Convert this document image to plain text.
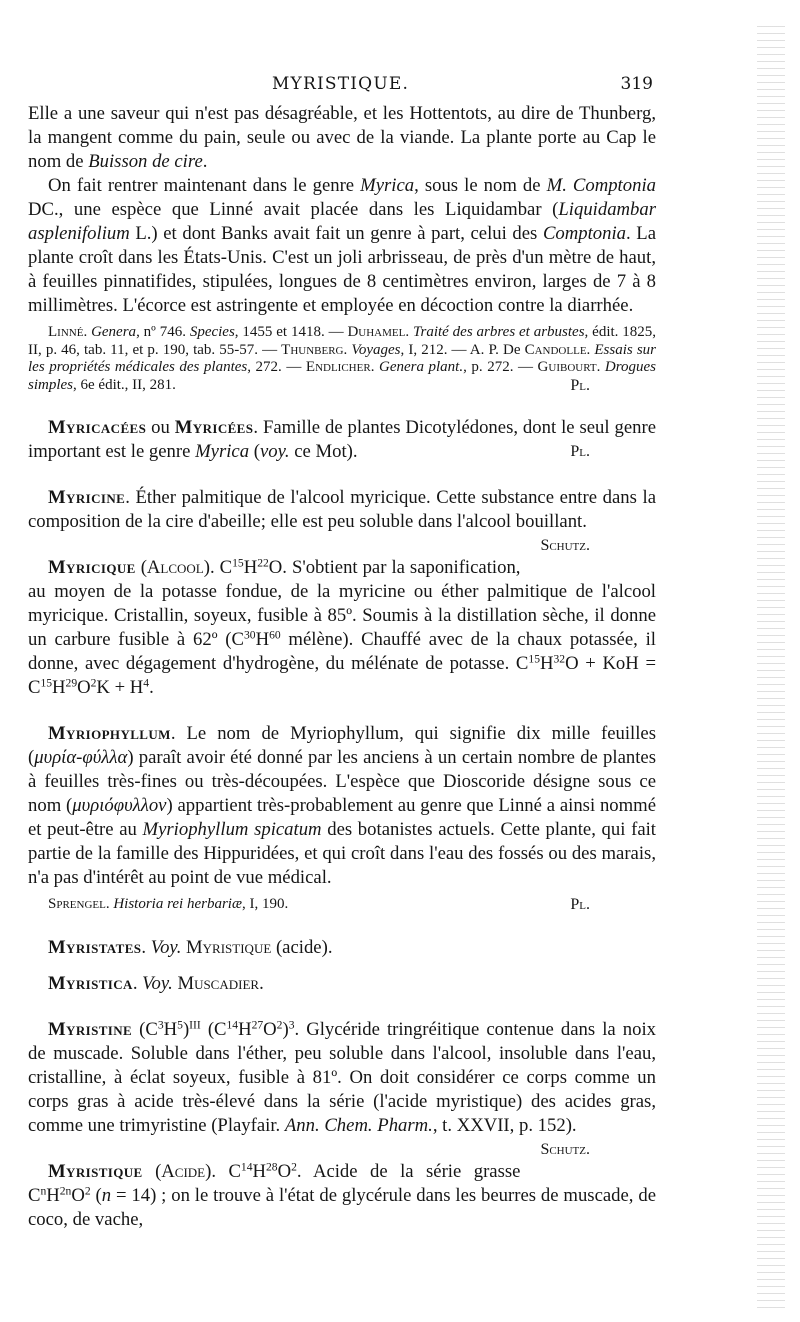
MYRISTIQUE.	319

Elle a une saveur qui n'est pas désagréable, et les Hottentots, au dire de Thunberg, la mangent comme du pain, seule ou avec de la viande. La plante porte au Cap le nom de Buisson de cire.

On fait rentrer maintenant dans le genre Myrica, sous le nom de M. Comptonia DC., une espèce que Linné avait placée dans les Liquidambar (Liquidambar asplenifolium L.) et dont Banks avait fait un genre à part, celui des Comptonia. La plante croît dans les États-Unis. C'est un joli arbrisseau, de près d'un mètre de haut, à feuilles pinnatifides, stipulées, longues de 8 centimètres environ, larges de 7 à 8 millimètres. L'écorce est astringente et employée en décoction contre la diarrhée.

Linné. Genera, nº 746. Species, 1455 et 1418. — Duhamel. Traité des arbres et arbustes, édit. 1825, II, p. 46, tab. 11, et p. 190, tab. 55-57. — Thunberg. Voyages, I, 212. — A. P. De Candolle. Essais sur les propriétés médicales des plantes, 272. — Endlicher. Genera plant., p. 272. — Guibourt. Drogues simples, 6e édit., II, 281.	Pl.

Myricacées ou Myricées. Famille de plantes Dicotylédones, dont le seul genre important est le genre Myrica (voy. ce Mot).	Pl.

Myricine. Éther palmitique de l'alcool myricique. Cette substance entre dans la composition de la cire d'abeille; elle est peu soluble dans l'alcool bouillant.
Schutz.

Myricique (Alcool). $C^{15}H^{22}O$. S'obtient par la saponification, au moyen de la potasse fondue, de la myricine ou éther palmitique de l'alcool myricique. Cristallin, soyeux, fusible à 85º. Soumis à la distillation sèche, il donne un carbure fusible à 62º ($C^{30}H^{60}$ mélène). Chauffé avec de la chaux potassée, il donne, avec dégagement d'hydrogène, du mélénate de potasse. $C^{15}H^{32}O$ + KoH = $C^{15}H^{29}O^2K + H^4$.

Myriophyllum. Le nom de Myriophyllum, qui signifie dix mille feuilles (μυρία-φύλλα) paraît avoir été donné par les anciens à un certain nombre de plantes à feuilles très-fines ou très-découpées. L'espèce que Dioscoride désigne sous ce nom (μυριόφυλλον) appartient très-probablement au genre que Linné a ainsi nommé et peut-être au Myriophyllum spicatum des botanistes actuels. Cette plante, qui fait partie de la famille des Hippuridées, et qui croît dans l'eau des fossés ou des marais, n'a pas d'intérêt au point de vue médical.

Sprengel. Historia rei herbariæ, I, 190.	Pl.

Myristates. Voy. Myristique (acide).

Myristica. Voy. Muscadier.

Myristine $(C^3H^5)^{III}$ $(C^{14}H^{27}O^2)^3$. Glycéride tringréitique contenue dans la noix de muscade. Soluble dans l'éther, peu soluble dans l'alcool, insoluble dans l'eau, cristalline, à éclat soyeux, fusible à 81º. On doit considérer ce corps comme un corps gras à acide très-élevé dans la série (l'acide myristique) des acides gras, comme une trimyristine (Playfair. Ann. Chem. Pharm., t. XXVII, p. 152).
Schutz.

Myristique (Acide). $C^{14}H^{28}O^2$. Acide de la série grasse $C^nH^{2n}O^2$ (n = 14) ; on le trouve à l'état de glycérule dans les beurres de muscade, de coco, de vache,
